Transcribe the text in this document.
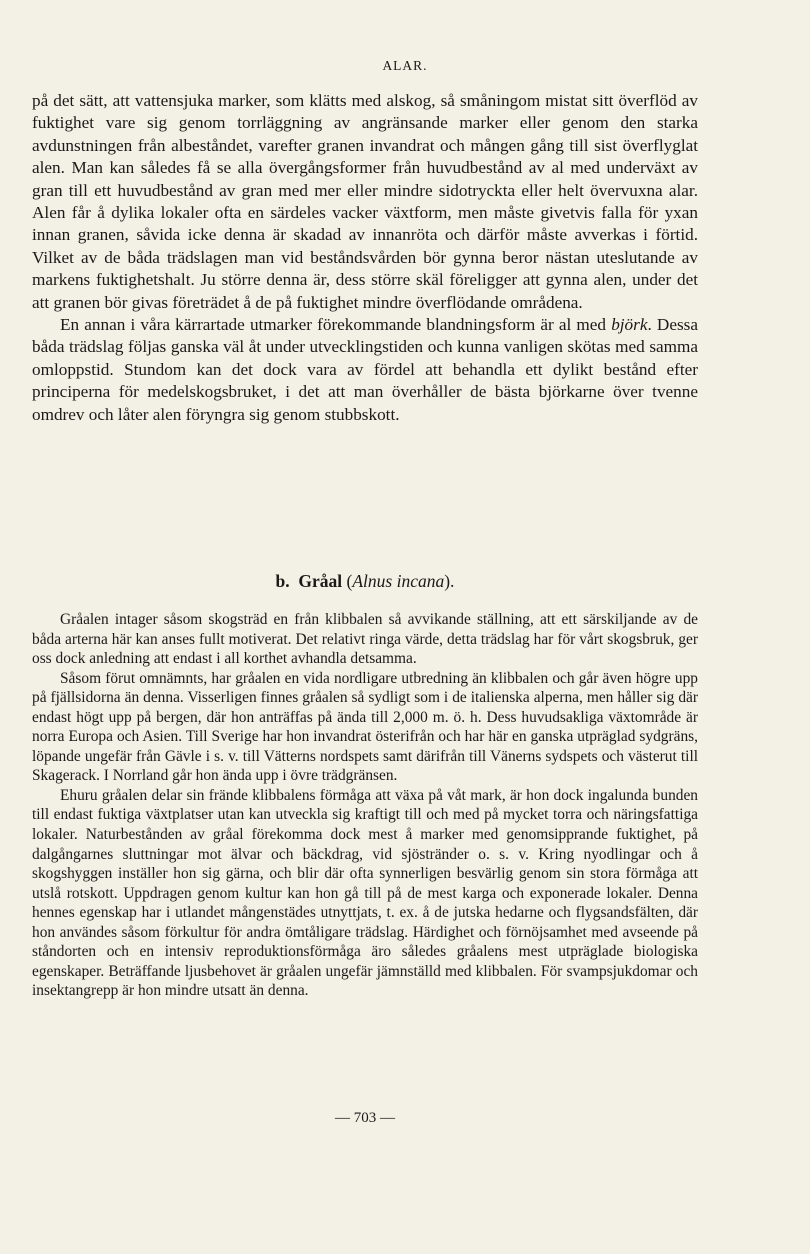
ALAR.

på det sätt, att vattensjuka marker, som klätts med alskog, så småningom mistat sitt överflöd av fuktighet vare sig genom torrläggning av angränsande marker eller genom den starka avdunstningen från albeståndet, varefter granen invandrat och mången gång till sist överflyglat alen. Man kan således få se alla övergångsformer från huvudbestånd av al med underväxt av gran till ett huvudbestånd av gran med mer eller mindre sidotryckta eller helt övervuxna alar. Alen får å dylika lokaler ofta en särdeles vacker växtform, men måste givetvis falla för yxan innan granen, såvida icke denna är skadad av innanröta och därför måste avverkas i förtid. Vilket av de båda trädslagen man vid beståndsvården bör gynna beror nästan uteslutande av markens fuktighetshalt. Ju större denna är, dess större skäl föreligger att gynna alen, under det att granen bör givas företrädet å de på fuktighet mindre överflödande områdena.

En annan i våra kärrartade utmarker förekommande blandningsform är al med björk. Dessa båda trädslag följas ganska väl åt under utvecklingstiden och kunna vanligen skötas med samma omloppstid. Stundom kan det dock vara av fördel att behandla ett dylikt bestånd efter principerna för medelskogsbruket, i det att man överhåller de bästa björkarne över tvenne omdrev och låter alen föryngra sig genom stubbskott.

b. Gråal (Alnus incana).

Gråalen intager såsom skogsträd en från klibbalen så avvikande ställning, att ett särskiljande av de båda arterna här kan anses fullt motiverat. Det relativt ringa värde, detta trädslag har för vårt skogsbruk, ger oss dock anledning att endast i all korthet avhandla detsamma.

Såsom förut omnämnts, har gråalen en vida nordligare utbredning än klibbalen och går även högre upp på fjällsidorna än denna. Visserligen finnes gråalen så sydligt som i de italienska alperna, men håller sig där endast högt upp på bergen, där hon anträffas på ända till 2,000 m. ö. h. Dess huvudsakliga växtområde är norra Europa och Asien. Till Sverige har hon invandrat österifrån och har här en ganska utpräglad sydgräns, löpande ungefär från Gävle i s. v. till Vätterns nordspets samt därifrån till Vänerns sydspets och västerut till Skagerack. I Norrland går hon ända upp i övre trädgränsen.

Ehuru gråalen delar sin frände klibbalens förmåga att växa på våt mark, är hon dock ingalunda bunden till endast fuktiga växtplatser utan kan utveckla sig kraftigt till och med på mycket torra och näringsfattiga lokaler. Naturbestånden av gråal förekomma dock mest å marker med genomsipprande fuktighet, på dalgångarnes sluttningar mot älvar och bäckdrag, vid sjöstränder o. s. v. Kring nyodlingar och å skogshyggen inställer hon sig gärna, och blir där ofta synnerligen besvärlig genom sin stora förmåga att utslå rotskott. Uppdragen genom kultur kan hon gå till på de mest karga och exponerade lokaler. Denna hennes egenskap har i utlandet mångenstädes utnyttjats, t. ex. å de jutska hedarne och flygsandsfälten, där hon användes såsom förkultur för andra ömtåligare trädslag. Härdighet och förnöjsamhet med avseende på ståndorten och en intensiv reproduktionsförmåga äro således gråalens mest utpräglade biologiska egenskaper. Beträffande ljusbehovet är gråalen ungefär jämnställd med klibbalen. För svampsjukdomar och insektangrepp är hon mindre utsatt än denna.

— 703 —
